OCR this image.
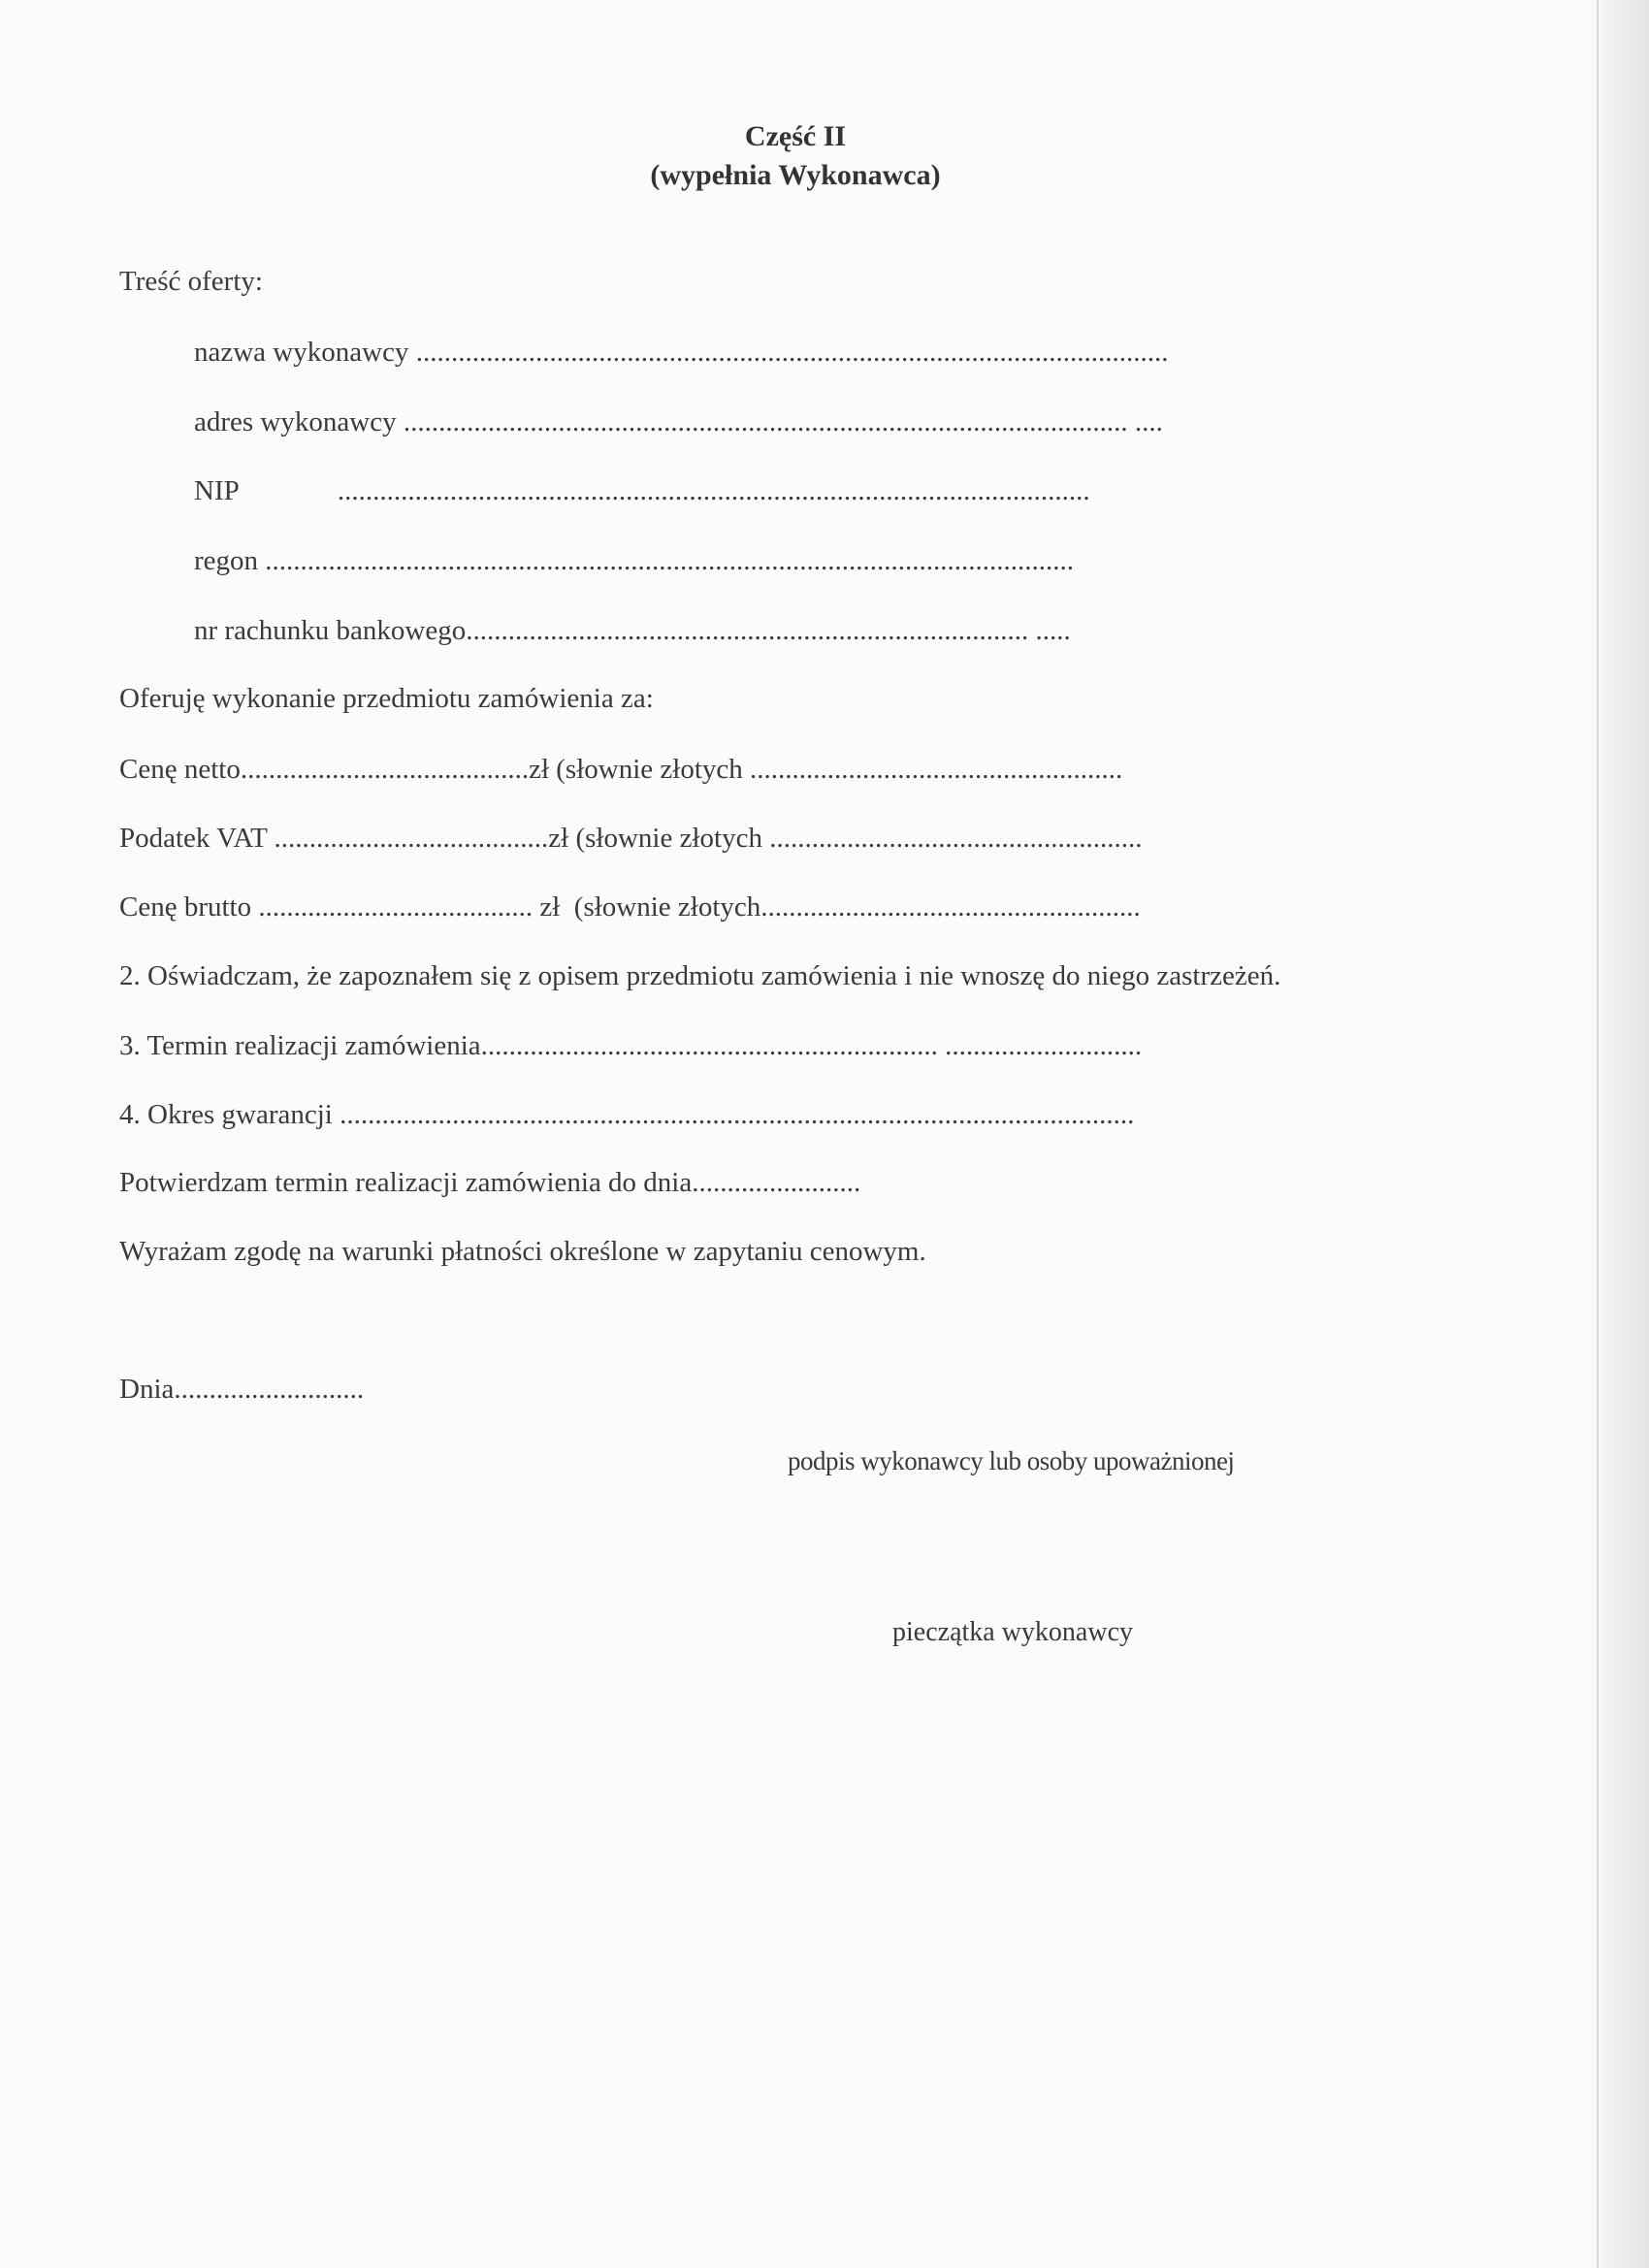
Część II
(wypełnia Wykonawca)
Treść oferty:
nazwa wykonawcy ...........................................................................................................
adres wykonawcy ....................................................................................................... ....
NIP	...........................................................................................................
regon ...................................................................................................................
nr rachunku bankowego................................................................................ .....
Oferuję wykonanie przedmiotu zamówienia za:
Cenę netto.........................................zł (słownie złotych .....................................................
Podatek VAT .......................................zł (słownie złotych .....................................................
Cenę brutto ....................................... zł (słownie złotych......................................................
2. Oświadczam, że zapoznałem się z opisem przedmiotu zamówienia i nie wnoszę do niego zastrzeżeń.
3. Termin realizacji zamówienia................................................................. ............................
4. Okres gwarancji .................................................................................................................
Potwierdzam termin realizacji zamówienia do dnia........................
Wyrażam zgodę na warunki płatności określone w zapytaniu cenowym.
Dnia...........................
podpis wykonawcy lub osoby upoważnionej
pieczątka wykonawcy
